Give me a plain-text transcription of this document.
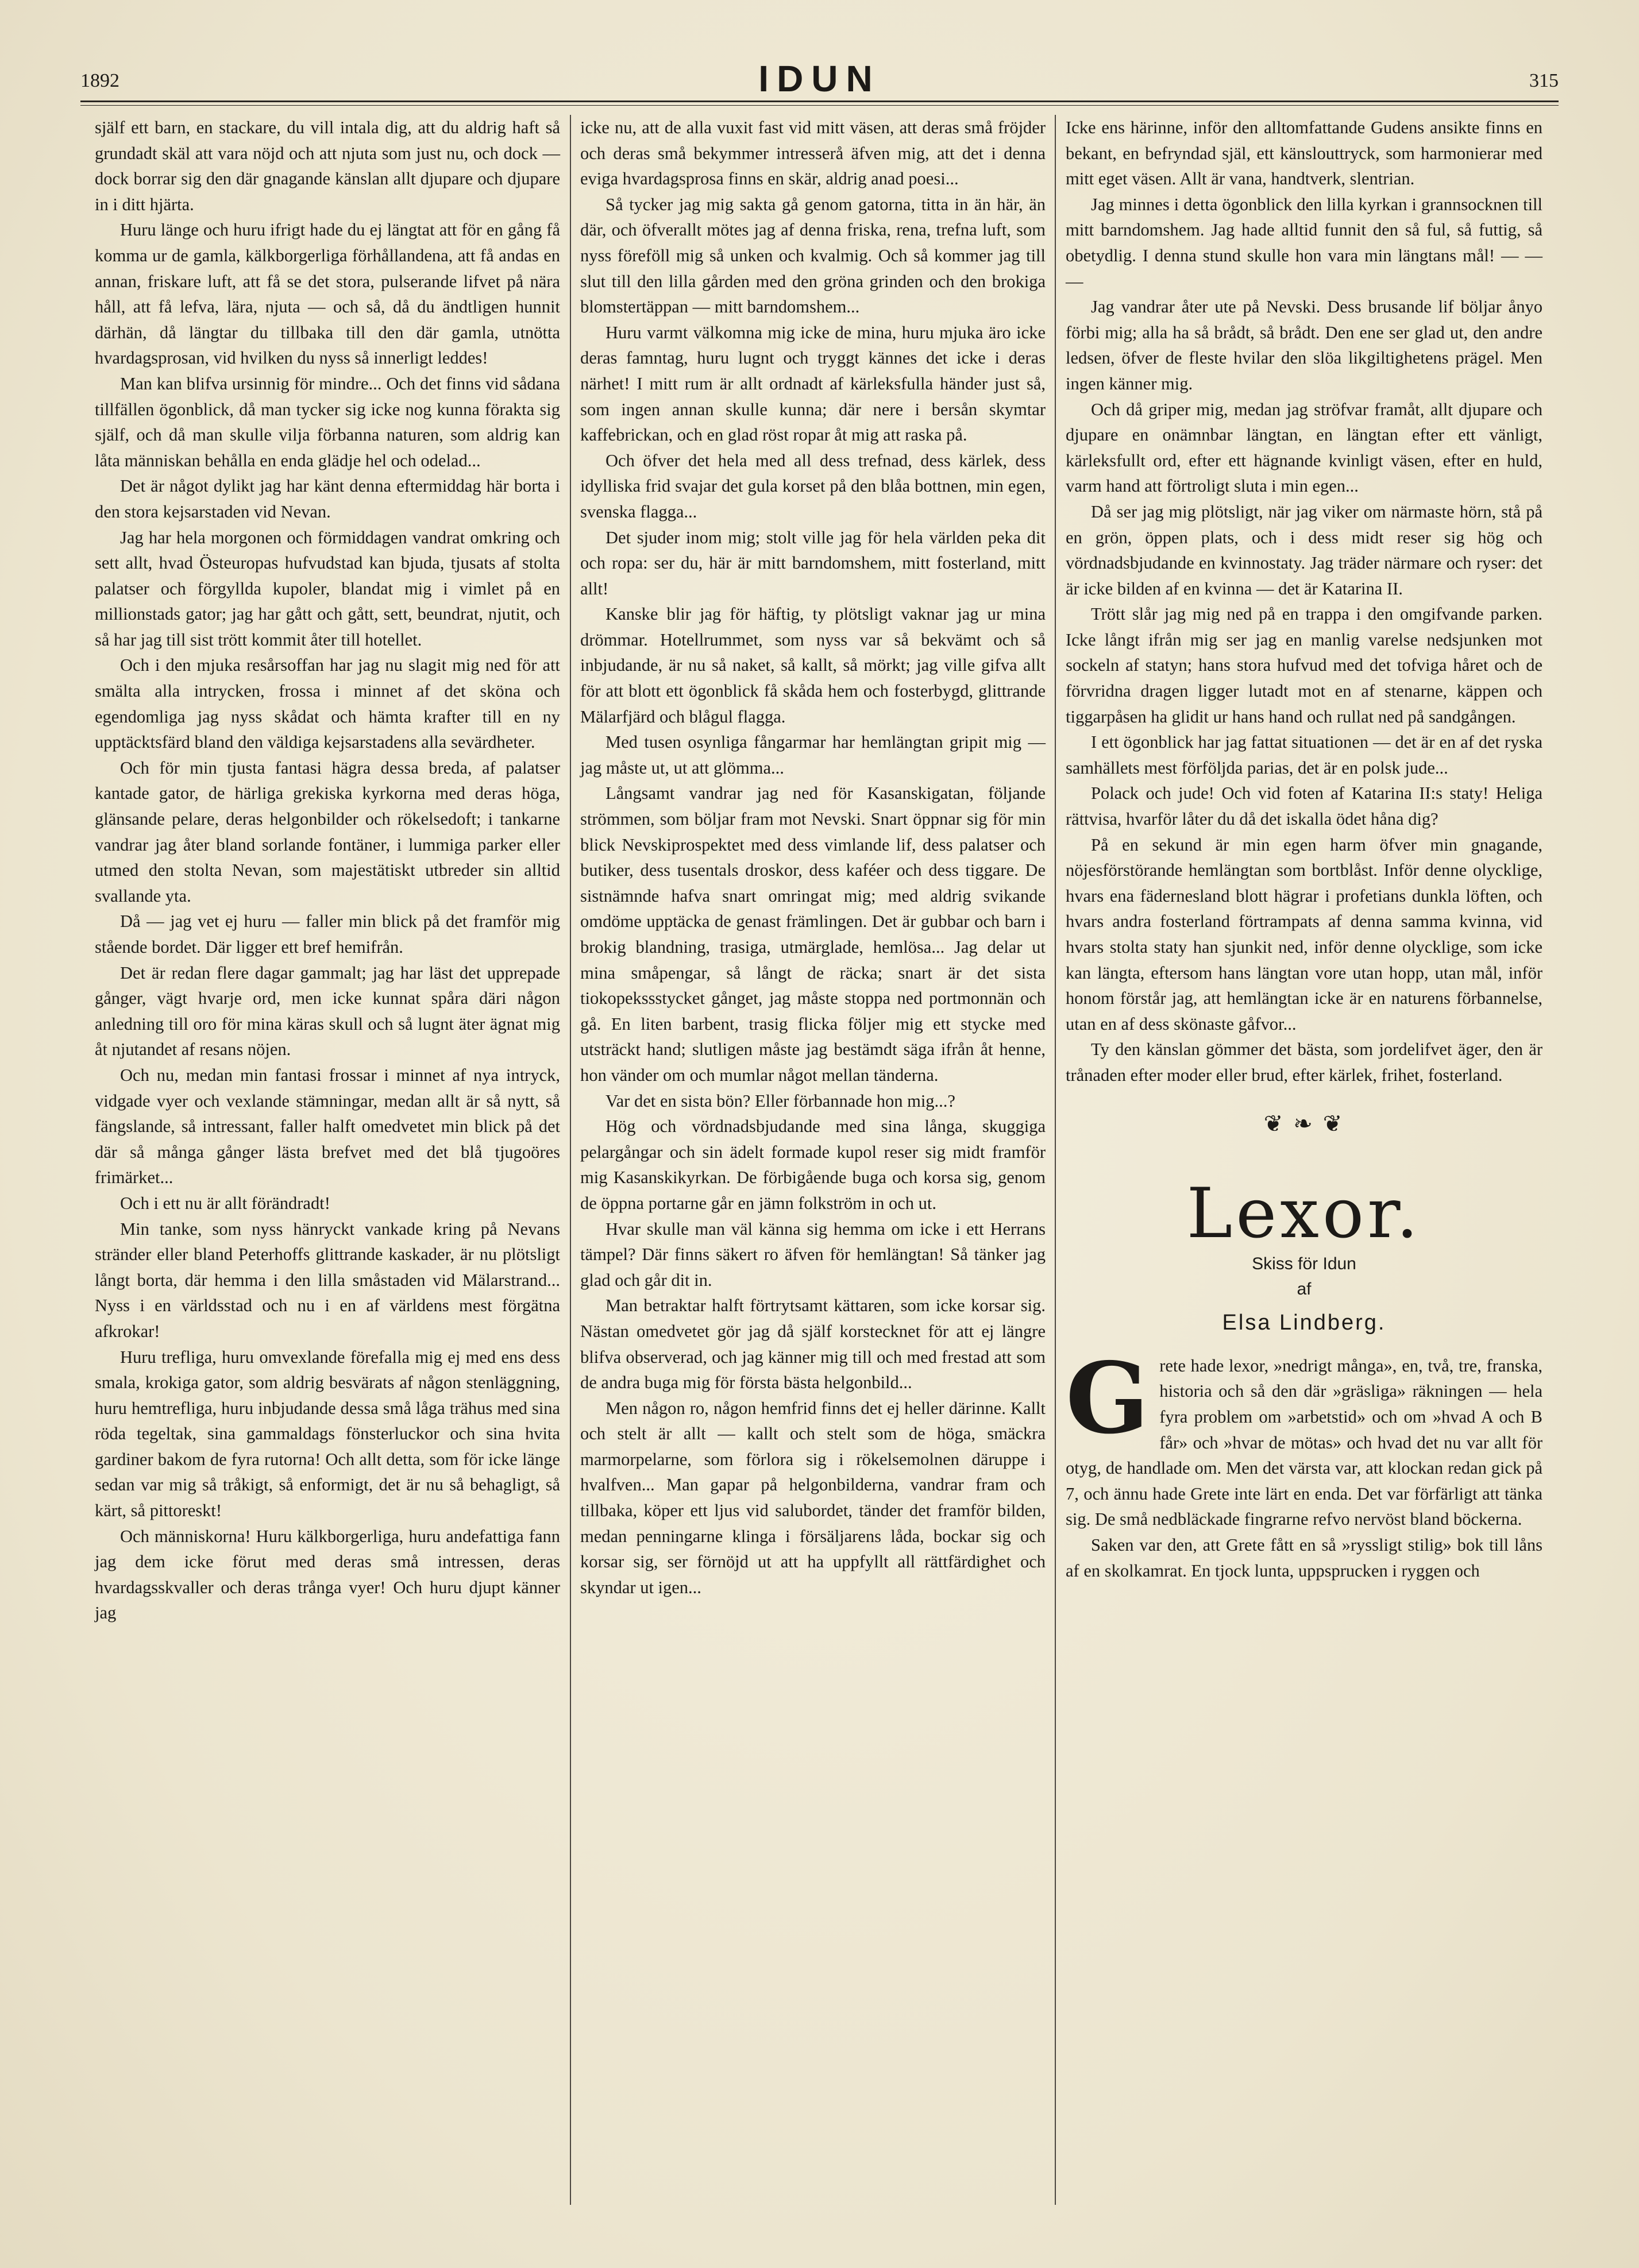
1892	IDUN	315

själf ett barn, en stackare, du vill intala dig, att du aldrig haft så grundadt skäl att vara nöjd och att njuta som just nu, och dock — dock borrar sig den där gnagande känslan allt djupare och djupare in i ditt hjärta.

Huru länge och huru ifrigt hade du ej längtat att för en gång få komma ur de gamla, kälkborgerliga förhållandena, att få andas en annan, friskare luft, att få se det stora, pulserande lifvet på nära håll, att få lefva, lära, njuta — och så, då du ändtligen hunnit därhän, då längtar du tillbaka till den där gamla, utnötta hvardagsprosan, vid hvilken du nyss så innerligt leddes!

Man kan blifva ursinnig för mindre... Och det finns vid sådana tillfällen ögonblick, då man tycker sig icke nog kunna förakta sig själf, och då man skulle vilja förbanna naturen, som aldrig kan låta människan behålla en enda glädje hel och odelad...

Det är något dylikt jag har känt denna eftermiddag här borta i den stora kejsarstaden vid Nevan.

Jag har hela morgonen och förmiddagen vandrat omkring och sett allt, hvad Östeuropas hufvudstad kan bjuda, tjusats af stolta palatser och förgyllda kupoler, blandat mig i vimlet på en millionstads gator; jag har gått och gått, sett, beundrat, njutit, och så har jag till sist trött kommit åter till hotellet.

Och i den mjuka resårsoffan har jag nu slagit mig ned för att smälta alla intrycken, frossa i minnet af det sköna och egendomliga jag nyss skådat och hämta krafter till en ny upptäcktsfärd bland den väldiga kejsarstadens alla sevärdheter.

Och för min tjusta fantasi hägra dessa breda, af palatser kantade gator, de härliga grekiska kyrkorna med deras höga, glänsande pelare, deras helgonbilder och rökelsedoft; i tankarne vandrar jag åter bland sorlande fontäner, i lummiga parker eller utmed den stolta Nevan, som majestätiskt utbreder sin alltid svallande yta.

Då — jag vet ej huru — faller min blick på det framför mig stående bordet. Där ligger ett bref hemifrån.

Det är redan flere dagar gammalt; jag har läst det upprepade gånger, vägt hvarje ord, men icke kunnat spåra däri någon anledning till oro för mina käras skull och så lugnt äter ägnat mig åt njutandet af resans nöjen.

Och nu, medan min fantasi frossar i minnet af nya intryck, vidgade vyer och vexlande stämningar, medan allt är så nytt, så fängslande, så intressant, faller halft omedvetet min blick på det där så många gånger lästa brefvet med det blå tjugoöres frimärket...

Och i ett nu är allt förändradt!

Min tanke, som nyss hänryckt vankade kring på Nevans stränder eller bland Peterhoffs glittrande kaskader, är nu plötsligt långt borta, där hemma i den lilla småstaden vid Mälarstrand... Nyss i en världsstad och nu i en af världens mest förgätna afkrokar!

Huru trefliga, huru omvexlande förefalla mig ej med ens dess smala, krokiga gator, som aldrig besvärats af någon stenläggning, huru hemtrefliga, huru inbjudande dessa små låga trähus med sina röda tegeltak, sina gammaldags fönsterluckor och sina hvita gardiner bakom de fyra rutorna! Och allt detta, som för icke länge sedan var mig så tråkigt, så enformigt, det är nu så behagligt, så kärt, så pittoreskt!

Och människorna! Huru kälkborgerliga, huru andefattiga fann jag dem icke förut med deras små intressen, deras hvardagsskvaller och deras trånga vyer! Och huru djupt känner jag

icke nu, att de alla vuxit fast vid mitt väsen, att deras små fröjder och deras små bekymmer intresserå äfven mig, att det i denna eviga hvardagsprosa finns en skär, aldrig anad poesi...

Så tycker jag mig sakta gå genom gatorna, titta in än här, än där, och öfverallt mötes jag af denna friska, rena, trefna luft, som nyss föreföll mig så unken och kvalmig. Och så kommer jag till slut till den lilla gården med den gröna grinden och den brokiga blomstertäppan — mitt barndomshem...

Huru varmt välkomna mig icke de mina, huru mjuka äro icke deras famntag, huru lugnt och tryggt kännes det icke i deras närhet! I mitt rum är allt ordnadt af kärleksfulla händer just så, som ingen annan skulle kunna; där nere i bersån skymtar kaffebrickan, och en glad röst ropar åt mig att raska på.

Och öfver det hela med all dess trefnad, dess kärlek, dess idylliska frid svajar det gula korset på den blåa bottnen, min egen, svenska flagga...

Det sjuder inom mig; stolt ville jag för hela världen peka dit och ropa: ser du, här är mitt barndomshem, mitt fosterland, mitt allt!

Kanske blir jag för häftig, ty plötsligt vaknar jag ur mina drömmar. Hotellrummet, som nyss var så bekvämt och så inbjudande, är nu så naket, så kallt, så mörkt; jag ville gifva allt för att blott ett ögonblick få skåda hem och fosterbygd, glittrande Mälarfjärd och blågul flagga.

Med tusen osynliga fångarmar har hemlängtan gripit mig — jag måste ut, ut att glömma...

Långsamt vandrar jag ned för Kasanskigatan, följande strömmen, som böljar fram mot Nevski. Snart öppnar sig för min blick Nevskiprospektet med dess vimlande lif, dess palatser och butiker, dess tusentals droskor, dess kaféer och dess tiggare. De sistnämnde hafva snart omringat mig; med aldrig svikande omdöme upptäcka de genast främlingen. Det är gubbar och barn i brokig blandning, trasiga, utmärglade, hemlösa... Jag delar ut mina småpengar, så långt de räcka; snart är det sista tiokopekssstycket gånget, jag måste stoppa ned portmonnän och gå. En liten barbent, trasig flicka följer mig ett stycke med utsträckt hand; slutligen måste jag bestämdt säga ifrån åt henne, hon vänder om och mumlar något mellan tänderna.

Var det en sista bön? Eller förbannade hon mig...?

Hög och vördnadsbjudande med sina långa, skuggiga pelargångar och sin ädelt formade kupol reser sig midt framför mig Kasanskikyrkan. De förbigående buga och korsa sig, genom de öppna portarne går en jämn folkström in och ut.

Hvar skulle man väl känna sig hemma om icke i ett Herrans tämpel? Där finns säkert ro äfven för hemlängtan! Så tänker jag glad och går dit in.

Man betraktar halft förtrytsamt kättaren, som icke korsar sig. Nästan omedvetet gör jag då själf korstecknet för att ej längre blifva observerad, och jag känner mig till och med frestad att som de andra buga mig för första bästa helgonbild...

Men någon ro, någon hemfrid finns det ej heller därinne. Kallt och stelt är allt — kallt och stelt som de höga, smäckra marmorpelarne, som förlora sig i rökelsemolnen däruppe i hvalfven... Man gapar på helgonbilderna, vandrar fram och tillbaka, köper ett ljus vid salubordet, tänder det framför bilden, medan penningarne klinga i försäljarens låda, bockar sig och korsar sig, ser förnöjd ut att ha uppfyllt all rättfärdighet och skyndar ut igen...

Icke ens härinne, inför den alltomfattande Gudens ansikte finns en bekant, en befryndad själ, ett känslouttryck, som harmonierar med mitt eget väsen. Allt är vana, handtverk, slentrian.

Jag minnes i detta ögonblick den lilla kyrkan i grannsocknen till mitt barndomshem. Jag hade alltid funnit den så ful, så futtig, så obetydlig. I denna stund skulle hon vara min längtans mål! — — —

Jag vandrar åter ute på Nevski. Dess brusande lif böljar ånyo förbi mig; alla ha så brådt, så brådt. Den ene ser glad ut, den andre ledsen, öfver de fleste hvilar den slöa likgiltighetens prägel. Men ingen känner mig.

Och då griper mig, medan jag ströfvar framåt, allt djupare och djupare en onämnbar längtan, en längtan efter ett vänligt, kärleksfullt ord, efter ett hägnande kvinligt väsen, efter en huld, varm hand att förtroligt sluta i min egen...

Då ser jag mig plötsligt, när jag viker om närmaste hörn, stå på en grön, öppen plats, och i dess midt reser sig hög och vördnadsbjudande en kvinnostaty. Jag träder närmare och ryser: det är icke bilden af en kvinna — det är Katarina II.

Trött slår jag mig ned på en trappa i den omgifvande parken. Icke långt ifrån mig ser jag en manlig varelse nedsjunken mot sockeln af statyn; hans stora hufvud med det tofviga håret och de förvridna dragen ligger lutadt mot en af stenarne, käppen och tiggarpåsen ha glidit ur hans hand och rullat ned på sandgången.

I ett ögonblick har jag fattat situationen — det är en af det ryska samhällets mest förföljda parias, det är en polsk jude...

Polack och jude! Och vid foten af Katarina II:s staty! Heliga rättvisa, hvarför låter du då det iskalla ödet håna dig?

På en sekund är min egen harm öfver min gnagande, nöjesförstörande hemlängtan som bortblåst. Inför denne olycklige, hvars ena fädernesland blott hägrar i profetians dunkla löften, och hvars andra fosterland förtrampats af denna samma kvinna, vid hvars stolta staty han sjunkit ned, inför denne olycklige, som icke kan längta, eftersom hans längtan vore utan hopp, utan mål, inför honom förstår jag, att hemlängtan icke är en naturens förbannelse, utan en af dess skönaste gåfvor...

Ty den känslan gömmer det bästa, som jordelifvet äger, den är trånaden efter moder eller brud, efter kärlek, frihet, fosterland.

❦ ❧ ❦
Lexor.
Skiss för Idun
af
Elsa Lindberg.

Grete hade lexor, »nedrigt många», en, två, tre, franska, historia och så den där »gräsliga» räkningen — hela fyra problem om »arbetstid» och om »hvad A och B får» och »hvar de mötas» och hvad det nu var allt för otyg, de handlade om. Men det värsta var, att klockan redan gick på 7, och ännu hade Grete inte lärt en enda. Det var förfärligt att tänka sig. De små nedbläckade fingrarne refvo nervöst bland böckerna.

Saken var den, att Grete fått en så »ryssligt stilig» bok till låns af en skolkamrat. En tjock lunta, uppsprucken i ryggen och
